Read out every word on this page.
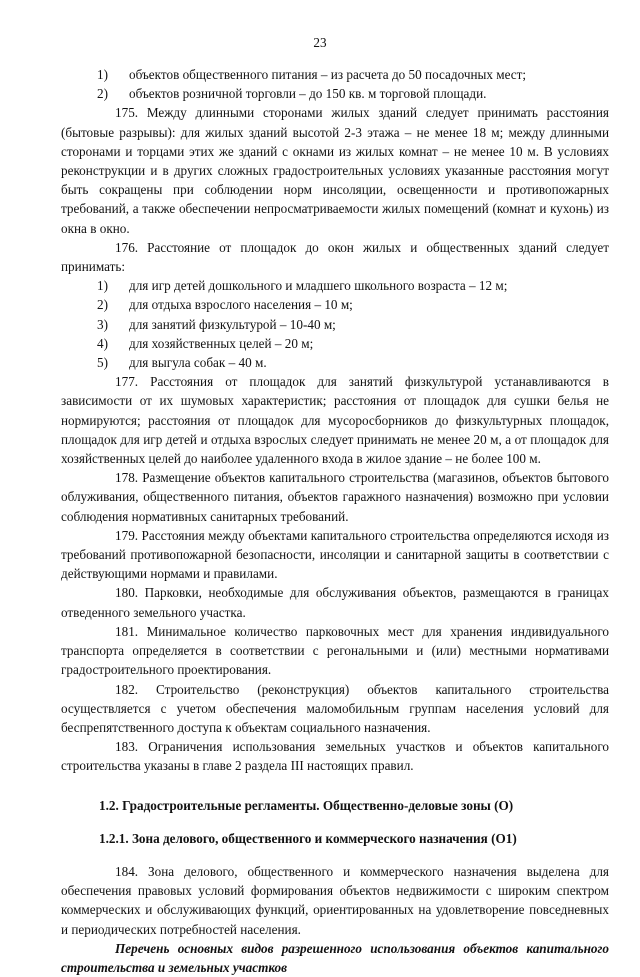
23

1) объектов общественного питания – из расчета до 50 посадочных мест;

2) объектов розничной торговли – до 150 кв. м торговой площади.

175. Между длинными сторонами жилых зданий следует принимать расстояния (бытовые разрывы): для жилых зданий высотой 2-3 этажа – не менее 18 м; между длинными сторонами и торцами этих же зданий с окнами из жилых комнат – не менее 10 м. В условиях реконструкции и в других сложных градостроительных условиях указанные расстояния могут быть сокращены при соблюдении норм инсоляции, освещенности и противопожарных требований, а также обеспечении непросматриваемости жилых помещений (комнат и кухонь) из окна в окно.

176. Расстояние от площадок до окон жилых и общественных зданий следует принимать:

1) для игр детей дошкольного и младшего школьного возраста – 12 м;

2) для отдыха взрослого населения – 10 м;

3) для занятий физкультурой – 10-40 м;

4) для хозяйственных целей – 20 м;

5) для выгула собак – 40 м.

177. Расстояния от площадок для занятий физкультурой устанавливаются в зависимости от их шумовых характеристик; расстояния от площадок для сушки белья не нормируются; расстояния от площадок для мусоросборников до физкультурных площадок, площадок для игр детей и отдыха взрослых следует принимать не менее 20 м, а от площадок для хозяйственных целей до наиболее удаленного входа в жилое здание – не более 100 м.

178. Размещение объектов капитального строительства (магазинов, объектов бытового облуживания, общественного питания, объектов гаражного назначения) возможно при условии соблюдения нормативных санитарных требований.

179. Расстояния между объектами капитального строительства определяются исходя из требований противопожарной безопасности, инсоляции и санитарной защиты в соответствии с действующими нормами и правилами.

180. Парковки, необходимые для обслуживания объектов, размещаются в границах отведенного земельного участка.

181. Минимальное количество парковочных мест для хранения индивидуального транспорта определяется в соответствии с регональными и (или) местными нормативами градостроительного проектирования.

182. Строительство (реконструкция) объектов капитального строительства осуществляется с учетом обеспечения маломобильным группам населения условий для беспрепятственного доступа к объектам социального назначения.

183. Ограничения использования земельных участков и объектов капитального строительства указаны в главе 2 раздела III настоящих правил.

1.2. Градостроительные регламенты. Общественно-деловые зоны (О)

1.2.1. Зона делового, общественного и коммерческого назначения (О1)

184. Зона делового, общественного и коммерческого назначения выделена для обеспечения правовых условий формирования объектов недвижимости с широким спектром коммерческих и обслуживающих функций, ориентированных на удовлетворение повседневных и периодических потребностей населения.

Перечень основных видов разрешенного использования объектов капитального строительства и земельных участков
